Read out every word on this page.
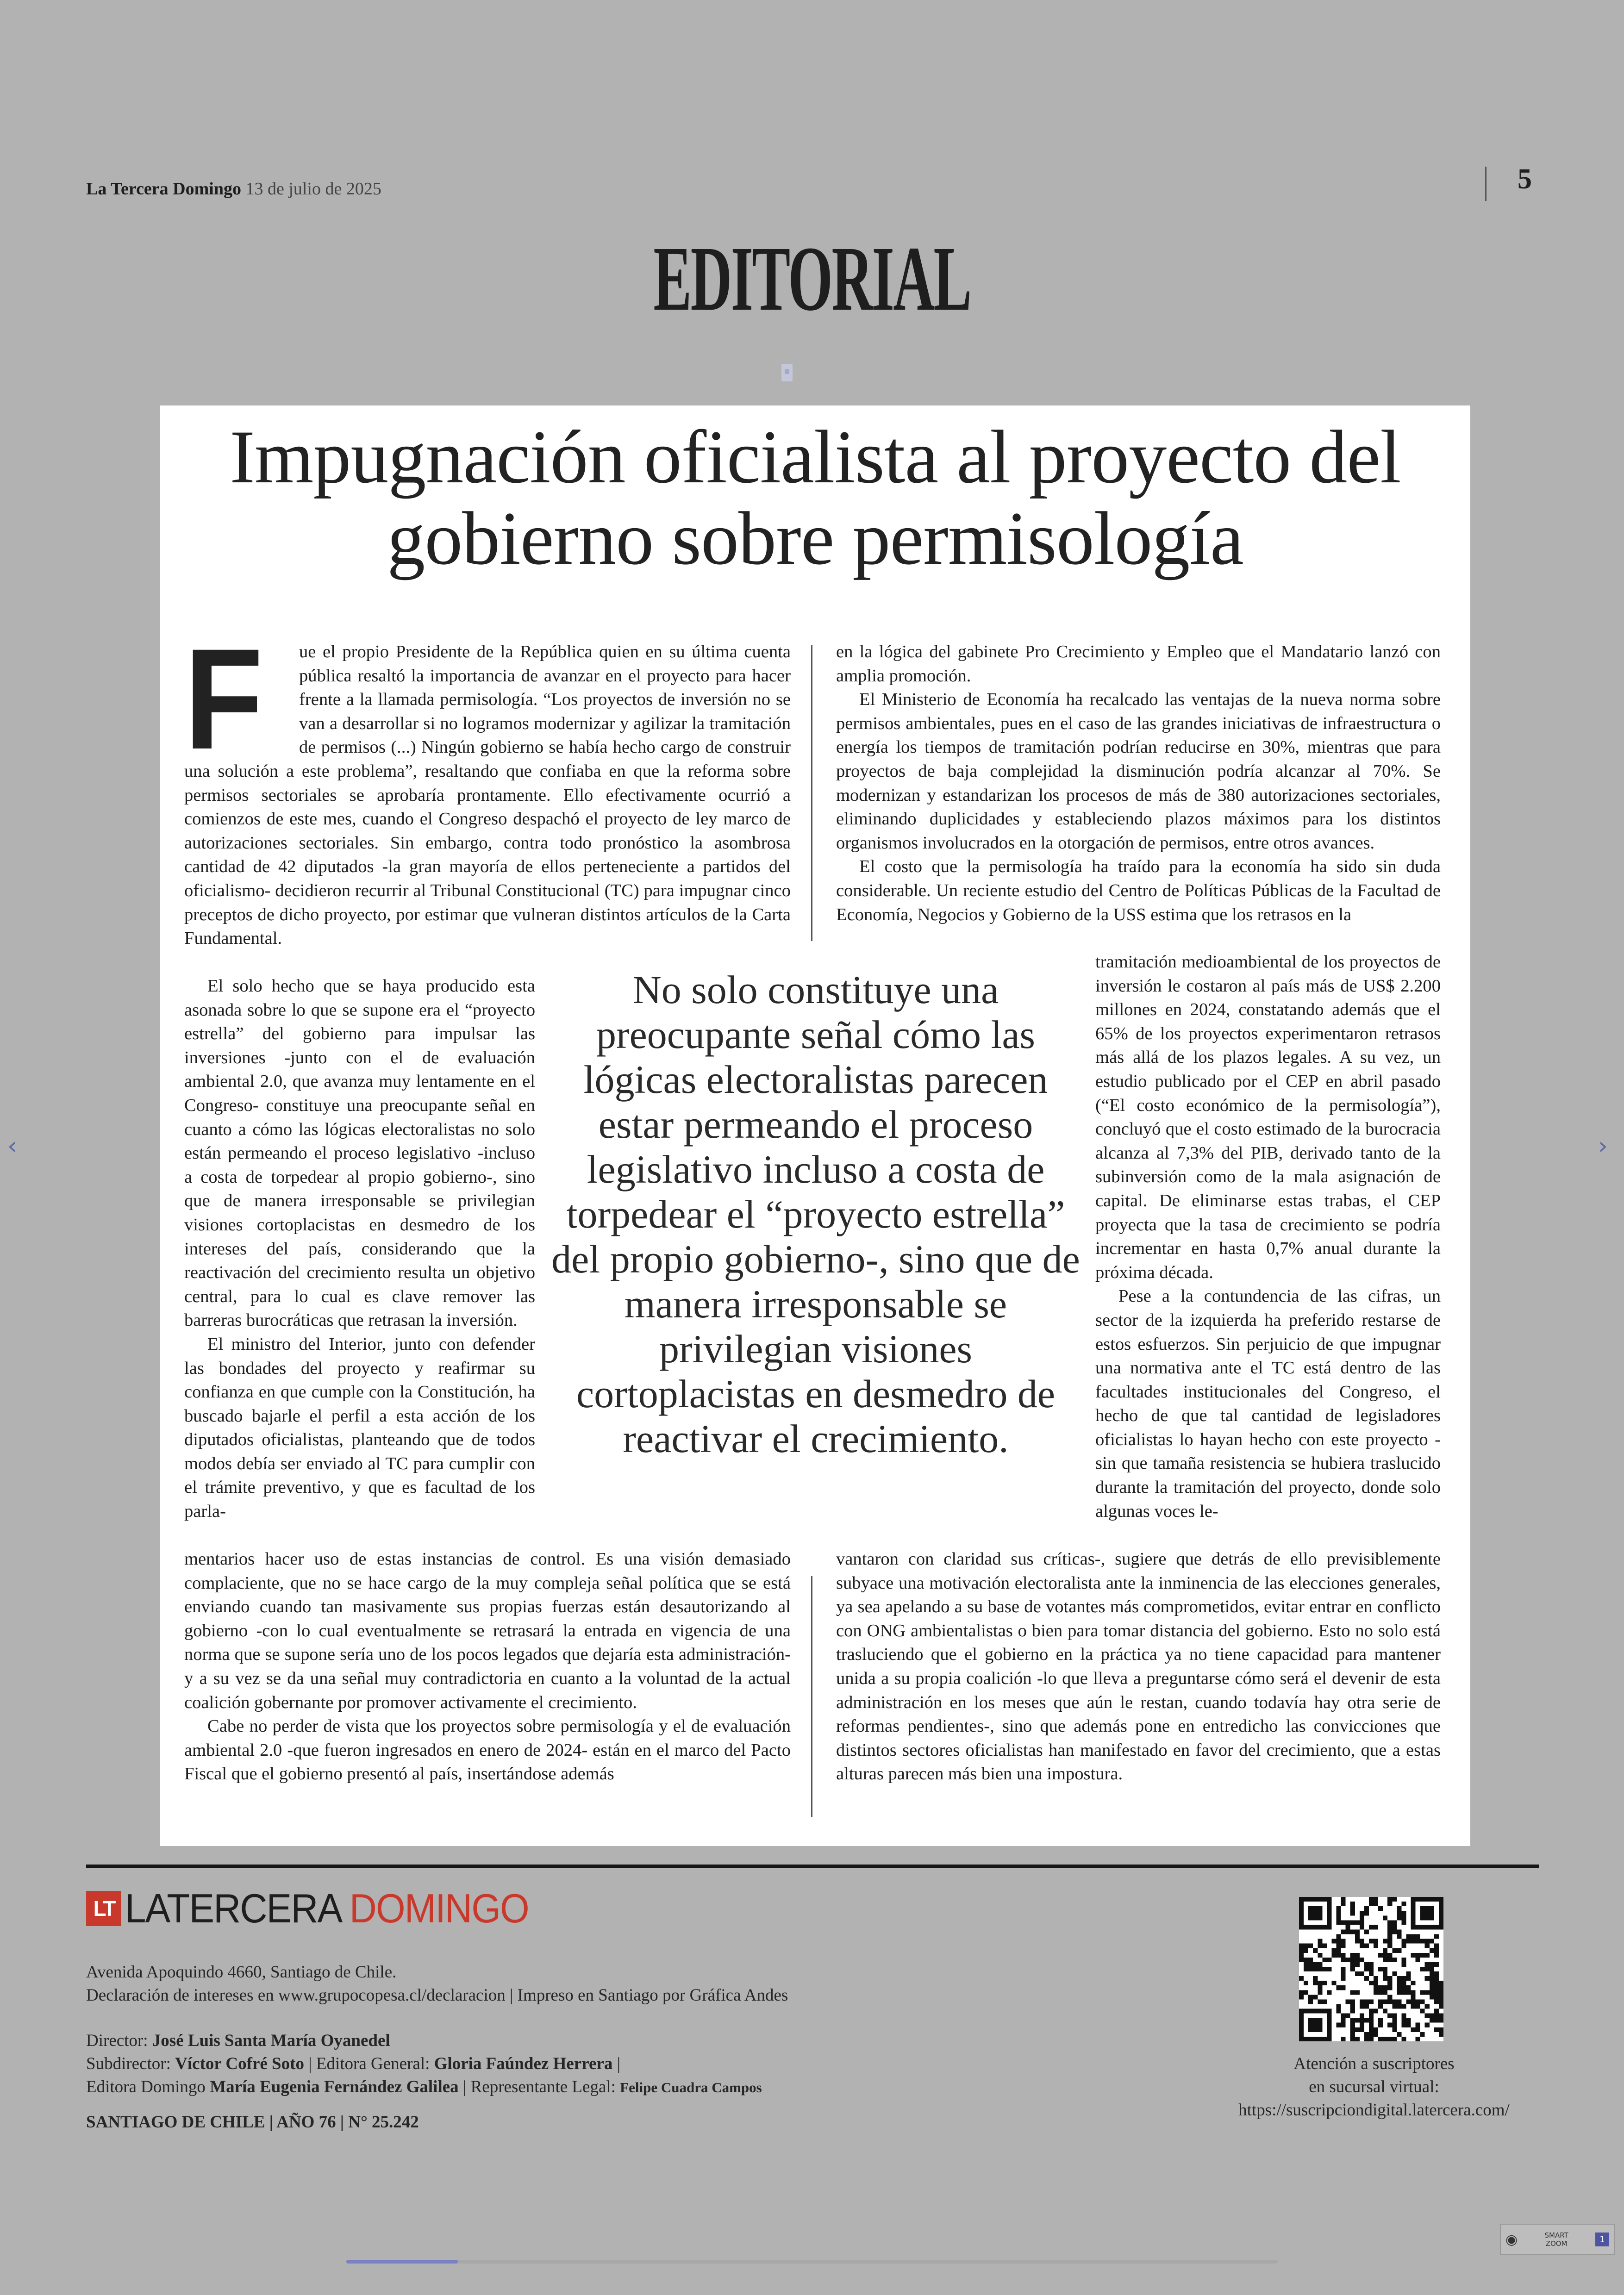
La Tercera Domingo 13 de julio de 2025	5
EDITORIAL
Impugnación oficialista al proyecto del gobierno sobre permisología
F	ue el propio Presidente de la República quien en su última cuenta pública resaltó la importancia de avanzar en el proyecto para hacer frente a la llamada permisología. “Los proyectos de inversión no se van a desarrollar si no logramos modernizar y agilizar la tramitación de permisos (...) Ningún gobierno se había hecho cargo de construir una solución a este problema”, resaltando que confiaba en que la reforma sobre permisos sectoriales se aprobaría prontamente. Ello efectivamente ocurrió a comienzos de este mes, cuando el Congreso despachó el proyecto de ley marco de autorizaciones sectoriales. Sin embargo, contra todo pronóstico la asombrosa cantidad de 42 diputados -la gran mayoría de ellos perteneciente a partidos del oficialismo- decidieron recurrir al Tribunal Constitucional (TC) para impugnar cinco preceptos de dicho proyecto, por estimar que vulneran distintos artículos de la Carta Fundamental.

en la lógica del gabinete Pro Crecimiento y Empleo que el Mandatario lanzó con amplia promoción.

El Ministerio de Economía ha recalcado las ventajas de la nueva norma sobre permisos ambientales, pues en el caso de las grandes iniciativas de infraestructura o energía los tiempos de tramitación podrían reducirse en 30%, mientras que para proyectos de baja complejidad la disminución podría alcanzar al 70%. Se modernizan y estandarizan los procesos de más de 380 autorizaciones sectoriales, eliminando duplicidades y estableciendo plazos máximos para los distintos organismos involucrados en la otorgación de permisos, entre otros avances.

El costo que la permisología ha traído para la economía ha sido sin duda considerable. Un reciente estudio del Centro de Políticas Públicas de la Facultad de Economía, Negocios y Gobierno de la USS estima que los retrasos en la

El solo hecho que se haya producido esta asonada sobre lo que se supone era el “proyecto estrella” del gobierno para impulsar las inversiones -junto con el de evaluación ambiental 2.0, que avanza muy lentamente en el Congreso- constituye una preocupante señal en cuanto a cómo las lógicas electoralistas no solo están permeando el proceso legislativo -incluso a costa de torpedear al propio gobierno-, sino que de manera irresponsable se privilegian visiones cortoplacistas en desmedro de los intereses del país, considerando que la reactivación del crecimiento resulta un objetivo central, para lo cual es clave remover las barreras burocráticas que retrasan la inversión.

El ministro del Interior, junto con defender las bondades del proyecto y reafirmar su confianza en que cumple con la Constitución, ha buscado bajarle el perfil a esta acción de los diputados oficialistas, planteando que de todos modos debía ser enviado al TC para cumplir con el trámite preventivo, y que es facultad de los parla-

No solo constituye una preocupante señal cómo las lógicas electoralistas parecen estar permeando el proceso legislativo incluso a costa de torpedear el “proyecto estrella” del propio gobierno-, sino que de manera irresponsable se privilegian visiones cortoplacistas en desmedro de reactivar el crecimiento.

tramitación medioambiental de los proyectos de inversión le costaron al país más de US$ 2.200 millones en 2024, constatando además que el 65% de los proyectos experimentaron retrasos más allá de los plazos legales. A su vez, un estudio publicado por el CEP en abril pasado (“El costo económico de la permisología”), concluyó que el costo estimado de la burocracia alcanza al 7,3% del PIB, derivado tanto de la subinversión como de la mala asignación de capital. De eliminarse estas trabas, el CEP proyecta que la tasa de crecimiento se podría incrementar en hasta 0,7% anual durante la próxima década.

Pese a la contundencia de las cifras, un sector de la izquierda ha preferido restarse de estos esfuerzos. Sin perjuicio de que impugnar una normativa ante el TC está dentro de las facultades institucionales del Congreso, el hecho de que tal cantidad de legisladores oficialistas lo hayan hecho con este proyecto -sin que tamaña resistencia se hubiera traslucido durante la tramitación del proyecto, donde solo algunas voces le-

mentarios hacer uso de estas instancias de control. Es una visión demasiado complaciente, que no se hace cargo de la muy compleja señal política que se está enviando cuando tan masivamente sus propias fuerzas están desautorizando al gobierno -con lo cual eventualmente se retrasará la entrada en vigencia de una norma que se supone sería uno de los pocos legados que dejaría esta administración- y a su vez se da una señal muy contradictoria en cuanto a la voluntad de la actual coalición gobernante por promover activamente el crecimiento.

Cabe no perder de vista que los proyectos sobre permisología y el de evaluación ambiental 2.0 -que fueron ingresados en enero de 2024- están en el marco del Pacto Fiscal que el gobierno presentó al país, insertándose además

vantaron con claridad sus críticas-, sugiere que detrás de ello previsiblemente subyace una motivación electoralista ante la inminencia de las elecciones generales, ya sea apelando a su base de votantes más comprometidos, evitar entrar en conflicto con ONG ambientalistas o bien para tomar distancia del gobierno. Esto no solo está trasluciendo que el gobierno en la práctica ya no tiene capacidad para mantener unida a su propia coalición -lo que lleva a preguntarse cómo será el devenir de esta administración en los meses que aún le restan, cuando todavía hay otra serie de reformas pendientes-, sino que además pone en entredicho las convicciones que distintos sectores oficialistas han manifestado en favor del crecimiento, que a estas alturas parecen más bien una impostura.

LT LATERCERA DOMINGO
Avenida Apoquindo 4660, Santiago de Chile.
Declaración de intereses en www.grupocopesa.cl/declaracion | Impreso en Santiago por Gráfica Andes
Director: José Luis Santa María Oyanedel
Subdirector: Víctor Cofré Soto | Editora General: Gloria Faúndez Herrera |
Editora Domingo María Eugenia Fernández Galilea | Representante Legal: Felipe Cuadra Campos
SANTIAGO DE CHILE | AÑO 76 | N° 25.242
Atención a suscriptores
en sucursal virtual:
https://suscripciondigital.latercera.com/
‹	›
◉	SMART
ZOOM	1
